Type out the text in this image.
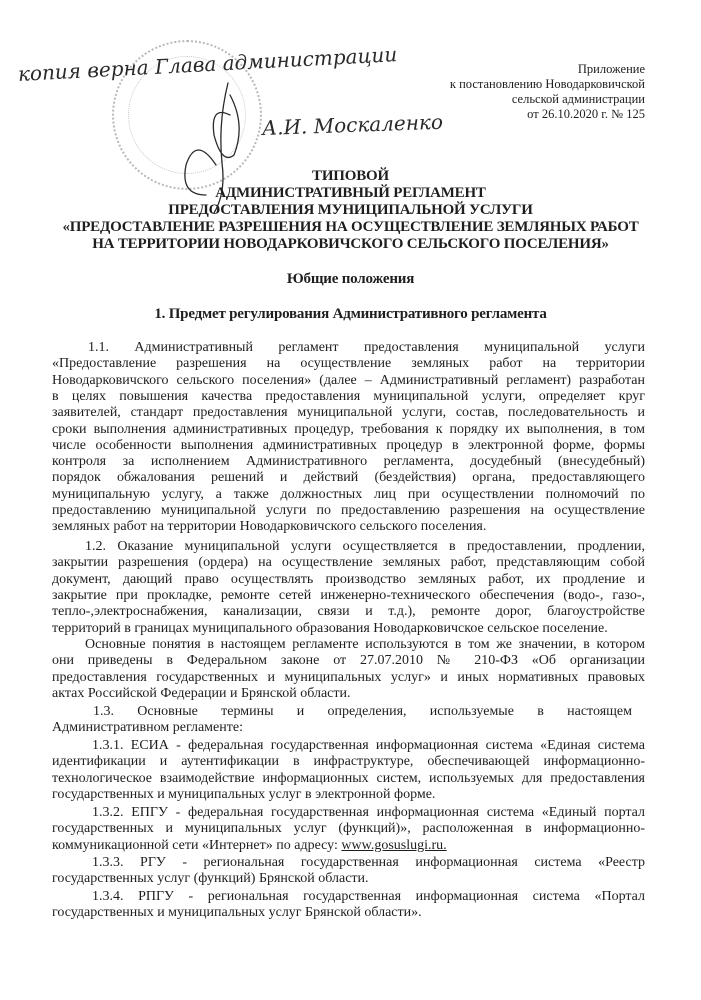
копия верна Глава администрации
А.И. Москаленко
Приложение
к постановлению Новодарковичской
сельской администрации
от 26.10.2020 г. № 125
ТИПОВОЙ
АДМИНИСТРАТИВНЫЙ РЕГЛАМЕНТ
ПРЕДОСТАВЛЕНИЯ МУНИЦИПАЛЬНОЙ УСЛУГИ
«ПРЕДОСТАВЛЕНИЕ РАЗРЕШЕНИЯ НА ОСУЩЕСТВЛЕНИЕ ЗЕМЛЯНЫХ РАБОТ
НА ТЕРРИТОРИИ НОВОДАРКОВИЧСКОГО СЕЛЬСКОГО ПОСЕЛЕНИЯ»
Юбщие положения
1. Предмет регулирования Административного регламента
1.1. Административный регламент предоставления муниципальной услуги
«Предоставление разрешения на осуществление земляных работ на территории
Новодарковичского сельского поселения» (далее – Административный регламент) разработан
в целях повышения качества предоставления муниципальной услуги, определяет круг
заявителей, стандарт предоставления муниципальной услуги, состав, последовательность и
сроки выполнения административных процедур, требования к порядку их выполнения, в том
числе особенности выполнения административных процедур в электронной форме, формы
контроля за исполнением Административного регламента, досудебный (внесудебный)
порядок обжалования решений и действий (бездействия) органа, предоставляющего
муниципальную услугу, а также должностных лиц при осуществлении полномочий по
предоставлению муниципальной услуги по предоставлению разрешения на осуществление
земляных работ на территории Новодарковичского сельского поселения.
1.2. Оказание муниципальной услуги осуществляется в предоставлении, продлении,
закрытии разрешения (ордера) на осуществление земляных работ, представляющим собой
документ, дающий право осуществлять производство земляных работ, их продление и
закрытие при прокладке, ремонте сетей инженерно-технического обеспечения (водо-, газо-,
тепло-,электроснабжения, канализации, связи и т.д.), ремонте дорог, благоустройстве
территорий в границах муниципального образования Новодарковичское сельское поселение.
Основные понятия в настоящем регламенте используются в том же значении, в котором
они приведены в Федеральном законе от 27.07.2010 № 210-ФЗ «Об организации
предоставления государственных и муниципальных услуг» и иных нормативных правовых
актах Российской Федерации и Брянской области.
1.3. Основные термины и определения, используемые в настоящем
Административном регламенте:
1.3.1. ЕСИА - федеральная государственная информационная система «Единая система
идентификации и аутентификации в инфраструктуре, обеспечивающей информационно-
технологическое взаимодействие информационных систем, используемых для предоставления
государственных и муниципальных услуг в электронной форме.
1.3.2. ЕПГУ - федеральная государственная информационная система «Единый портал
государственных и муниципальных услуг (функций)», расположенная в информационно-
коммуникационной сети «Интернет» по адресу: www.gosuslugi.ru.
1.3.3. РГУ - региональная государственная информационная система «Реестр
государственных услуг (функций) Брянской области.
1.3.4. РПГУ - региональная государственная информационная система «Портал
государственных и муниципальных услуг Брянской области».
